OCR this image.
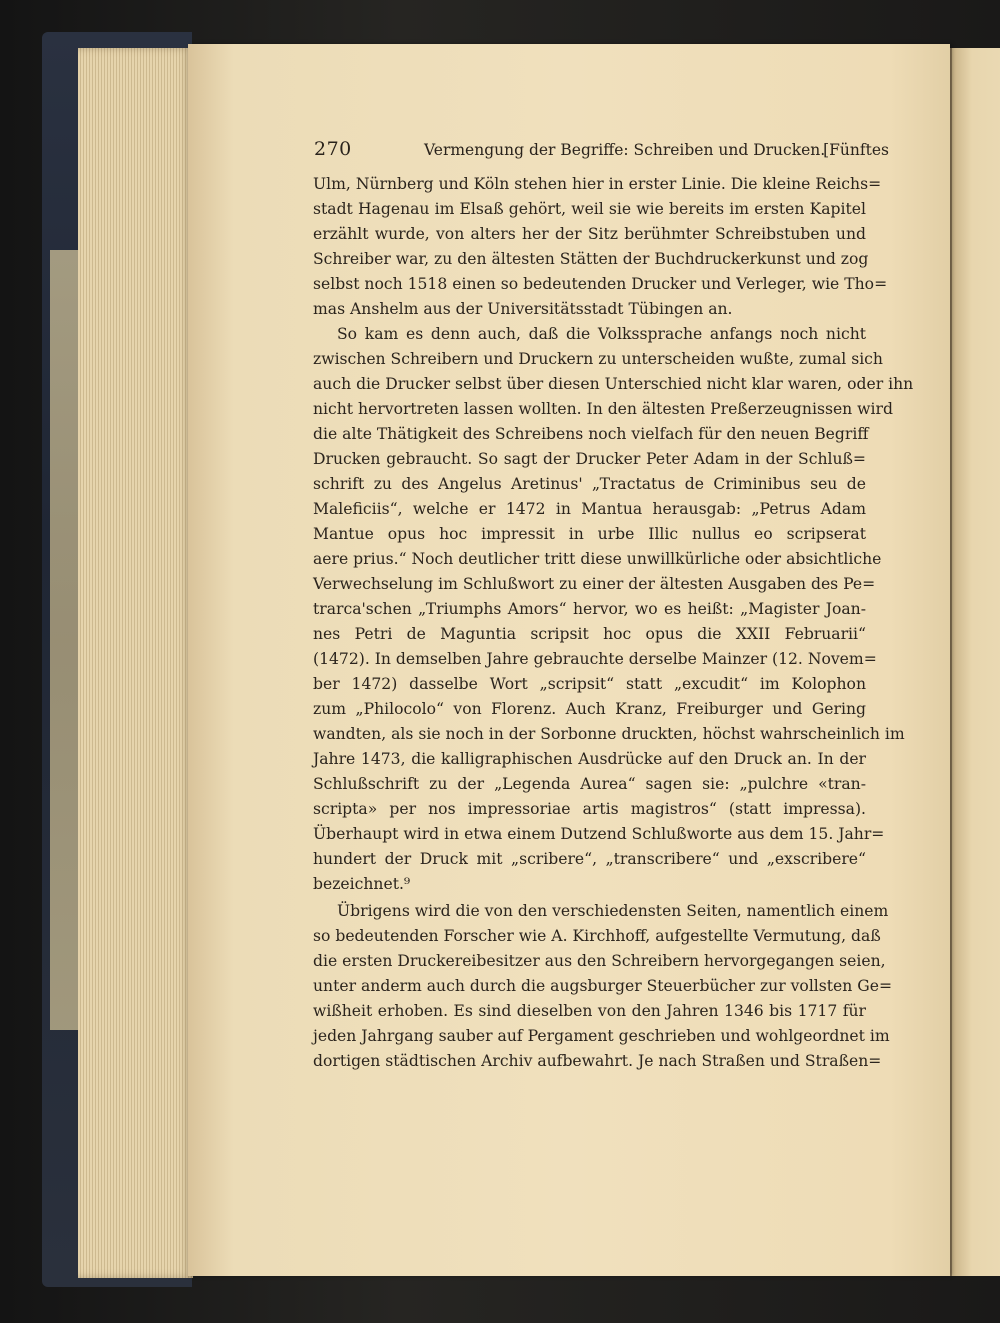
270	Vermengung der Begriffe: Schreiben und Drucken.
[Fünftes
Ulm, Nürnberg und Köln stehen hier in erster Linie. Die kleine Reichs=
stadt Hagenau im Elsaß gehört, weil sie wie bereits im ersten Kapitel
erzählt wurde, von alters her der Sitz berühmter Schreibstuben und
Schreiber war, zu den ältesten Stätten der Buchdruckerkunst und zog
selbst noch 1518 einen so bedeutenden Drucker und Verleger, wie Tho=
mas Anshelm aus der Universitätsstadt Tübingen an.
So kam es denn auch, daß die Volkssprache anfangs noch nicht
zwischen Schreibern und Druckern zu unterscheiden wußte, zumal sich
auch die Drucker selbst über diesen Unterschied nicht klar waren, oder ihn
nicht hervortreten lassen wollten. In den ältesten Preßerzeugnissen wird
die alte Thätigkeit des Schreibens noch vielfach für den neuen Begriff
Drucken gebraucht. So sagt der Drucker Peter Adam in der Schluß=
schrift zu des Angelus Aretinus' „Tractatus de Criminibus seu de
Maleficiis“, welche er 1472 in Mantua herausgab: „Petrus Adam
Mantue opus hoc impressit in urbe Illic nullus eo scripserat
aere prius.“ Noch deutlicher tritt diese unwillkürliche oder absichtliche
Verwechselung im Schlußwort zu einer der ältesten Ausgaben des Pe=
trarca'schen „Triumphs Amors“ hervor, wo es heißt: „Magister Joan-
nes Petri de Maguntia scripsit hoc opus die XXII Februarii“
(1472). In demselben Jahre gebrauchte derselbe Mainzer (12. Novem=
ber 1472) dasselbe Wort „scripsit“ statt „excudit“ im Kolophon
zum „Philocolo“ von Florenz. Auch Kranz, Freiburger und Gering
wandten, als sie noch in der Sorbonne druckten, höchst wahrscheinlich im
Jahre 1473, die kalligraphischen Ausdrücke auf den Druck an. In der
Schlußschrift zu der „Legenda Aurea“ sagen sie: „pulchre «tran-
scripta» per nos impressoriae artis magistros“ (statt impressa).
Überhaupt wird in etwa einem Dutzend Schlußworte aus dem 15. Jahr=
hundert der Druck mit „scribere“, „transcribere“ und „exscribere“
bezeichnet.⁹
Übrigens wird die von den verschiedensten Seiten, namentlich einem
so bedeutenden Forscher wie A. Kirchhoff, aufgestellte Vermutung, daß
die ersten Druckereibesitzer aus den Schreibern hervorgegangen seien,
unter anderm auch durch die augsburger Steuerbücher zur vollsten Ge=
wißheit erhoben. Es sind dieselben von den Jahren 1346 bis 1717 für
jeden Jahrgang sauber auf Pergament geschrieben und wohlgeordnet im
dortigen städtischen Archiv aufbewahrt. Je nach Straßen und Straßen=
